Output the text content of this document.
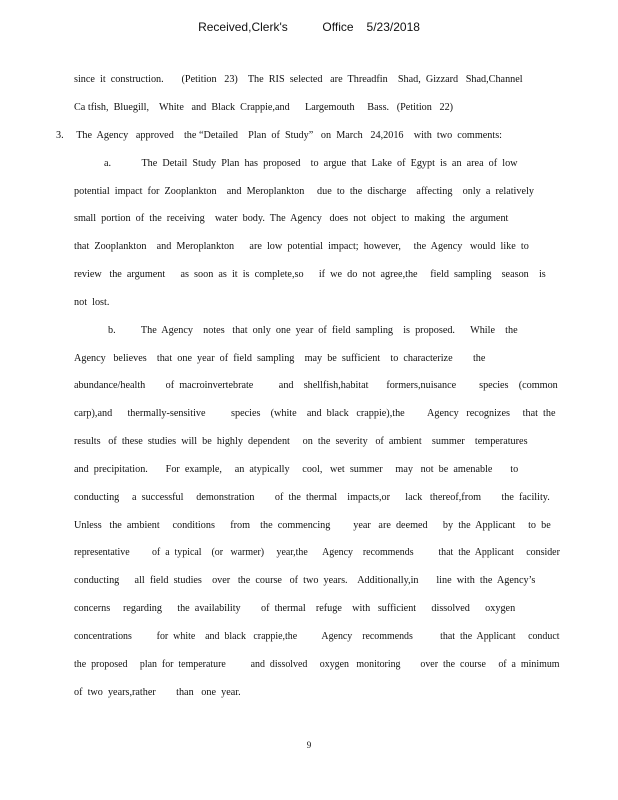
Received,Clerk's        Office   5/23/2018
since  it  construction.       (Petition   23)    The  RIS  selected   are  Threadfin    Shad,  Gizzard   Shad,Channel
Ca tfish,  Bluegill,    White   and  Black  Crappie,and      Largemouth     Bass.   (Petition   22)
3.     The  Agency   approved    the “Detailed    Plan  of  Study”   on  March   24,2016    with  two  comments:
a.            The  Detail  Study  Plan  has  proposed    to  argue  that  Lake  of  Egypt  is  an  area  of  low
potential  impact  for  Zooplankton    and  Meroplankton     due  to  the  discharge    affecting    only  a  relatively
small  portion  of  the  receiving    water  body.  The  Agency   does  not  object  to  making   the  argument
that  Zooplankton    and  Meroplankton      are  low  potential  impact;  however,     the  Agency   would  like  to
review   the  argument      as  soon  as  it  is  complete,so      if  we  do  not  agree,the     field  sampling    season    is
not  lost.
b.          The  Agency    notes   that  only  one  year  of  field  sampling    is  proposed.      While    the
Agency   believes    that  one  year  of  field  sampling    may  be  sufficient    to  characterize        the
abundance/health        of  macroinvertebrate          and    shellfish,habitat       formers,nuisance         species    (common
carp),and      thermally-sensitive          species    (white    and  black   crappie),the         Agency   recognizes     that  the
results   of  these  studies  will  be  highly  dependent     on  the  severity   of  ambient    summer    temperatures
and  precipitation.       For  example,     an  atypically     cool,   wet  summer     may   not  be  amenable       to
conducting     a  successful     demonstration        of  the  thermal    impacts,or      lack   thereof,from        the  facility.
Unless   the  ambient     conditions      from    the  commencing         year   are  deemed      by  the  Applicant     to  be
representative         of  a  typical    (or   warmer)     year,the      Agency    recommends          that  the  Applicant     consider
conducting      all  field  studies    over   the  course   of  two  years.    Additionally,in       line  with  the  Agency’s
concerns     regarding      the  availability        of  thermal    refuge    with   sufficient      dissolved      oxygen
concentrations          for  white    and  black   crappie,the          Agency    recommends           that  the  Applicant     conduct
the  proposed     plan  for  temperature          and  dissolved     oxygen   monitoring        over  the  course     of  a  minimum
of  two  years,rather        than   one  year.
9
